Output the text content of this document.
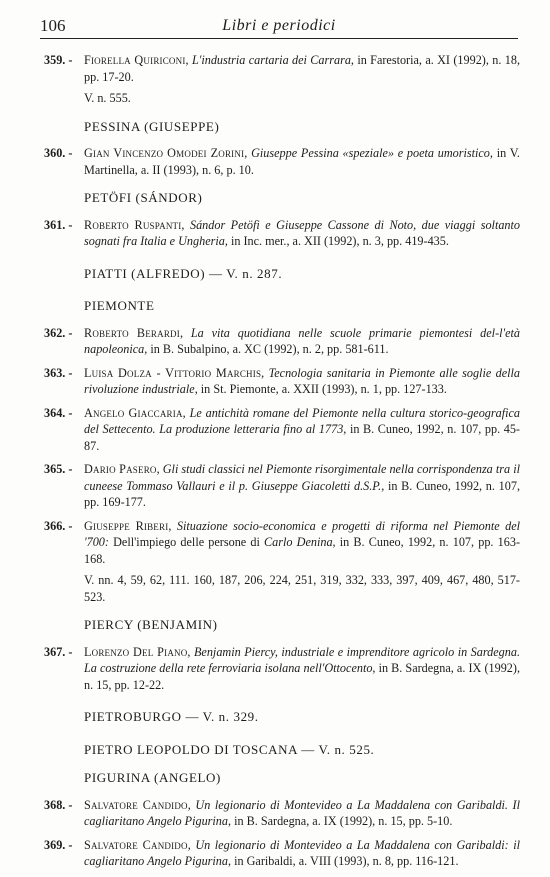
106	Libri e periodici
359. - Fiorella Quiriconi, L'industria cartaria dei Carrara, in Farestoria, a. XI (1992), n. 18, pp. 17-20.

V. n. 555.

PESSINA (GIUSEPPE)
360. - Gian Vincenzo Omodei Zorini, Giuseppe Pessina «speziale» e poeta umoristico, in V. Martinella, a. II (1993), n. 6, p. 10.
PETÖFI (SÁNDOR)
361. - Roberto Ruspanti, Sándor Petöfi e Giuseppe Cassone di Noto, due viaggi soltanto sognati fra Italia e Ungheria, in Inc. mer., a. XII (1992), n. 3, pp. 419-435.
PIATTI (ALFREDO) — V. n. 287.
PIEMONTE
362. - Roberto Berardi, La vita quotidiana nelle scuole primarie piemontesi del-l'età napoleonica, in B. Subalpino, a. XC (1992), n. 2, pp. 581-611.
363. - Luisa Dolza - Vittorio Marchis, Tecnologia sanitaria in Piemonte alle soglie della rivoluzione industriale, in St. Piemonte, a. XXII (1993), n. 1, pp. 127-133.
364. - Angelo Giaccaria, Le antichità romane del Piemonte nella cultura storico-geografica del Settecento. La produzione letteraria fino al 1773, in B. Cuneo, 1992, n. 107, pp. 45-87.
365. - Dario Pasero, Gli studi classici nel Piemonte risorgimentale nella corrispondenza tra il cuneese Tommaso Vallauri e il p. Giuseppe Giacoletti d.S.P., in B. Cuneo, 1992, n. 107, pp. 169-177.
366. - Giuseppe Riberi, Situazione socio-economica e progetti di riforma nel Piemonte del '700: Dell'impiego delle persone di Carlo Denina, in B. Cuneo, 1992, n. 107, pp. 163-168.

V. nn. 4, 59, 62, 111. 160, 187, 206, 224, 251, 319, 332, 333, 397, 409, 467, 480, 517-523.

PIERCY (BENJAMIN)
367. - Lorenzo Del Piano, Benjamin Piercy, industriale e imprenditore agricolo in Sardegna. La costruzione della rete ferroviaria isolana nell'Ottocento, in B. Sardegna, a. IX (1992), n. 15, pp. 12-22.
PIETROBURGO — V. n. 329.
PIETRO LEOPOLDO DI TOSCANA — V. n. 525.
PIGURINA (ANGELO)
368. - Salvatore Candido, Un legionario di Montevideo a La Maddalena con Garibaldi. Il cagliaritano Angelo Pigurina, in B. Sardegna, a. IX (1992), n. 15, pp. 5-10.
369. - Salvatore Candido, Un legionario di Montevideo a La Maddalena con Garibaldi: il cagliaritano Angelo Pigurina, in Garibaldi, a. VIII (1993), n. 8, pp. 116-121.
